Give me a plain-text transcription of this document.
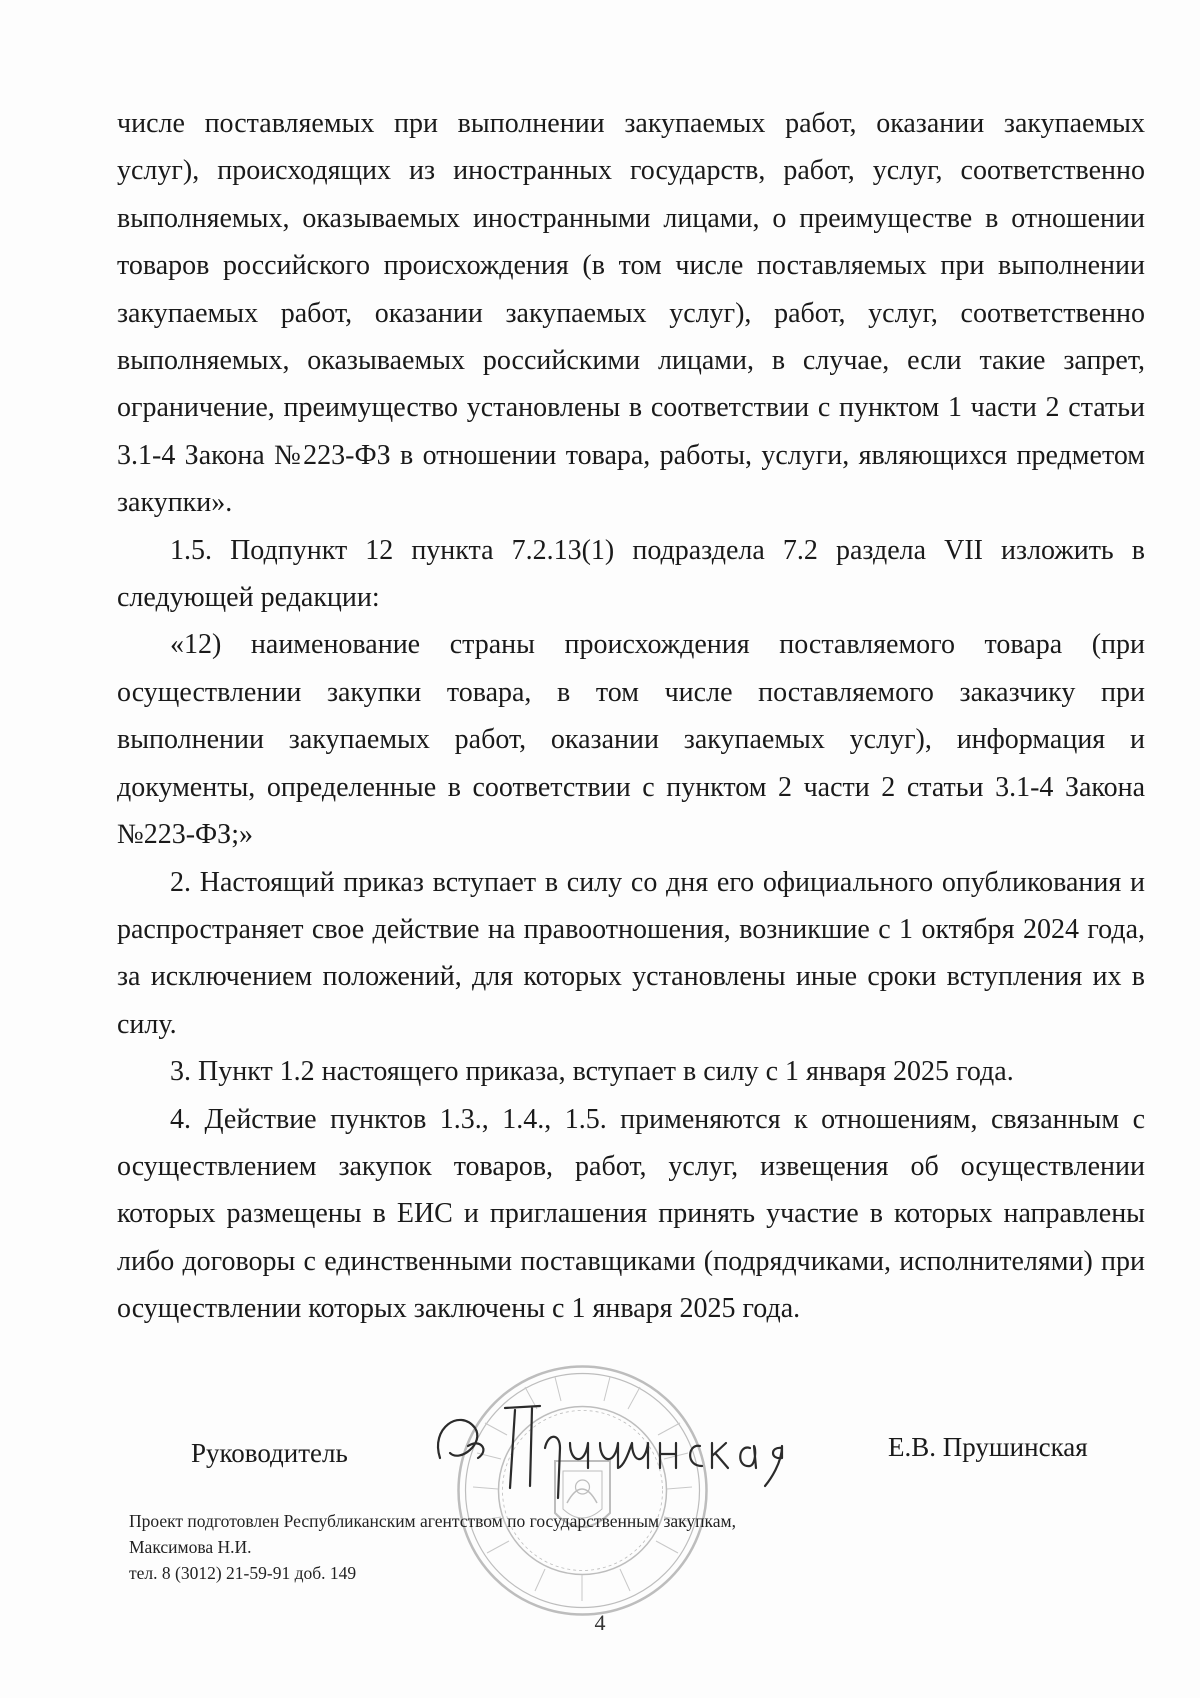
числе поставляемых при выполнении закупаемых работ, оказании закупаемых услуг), происходящих из иностранных государств, работ, услуг, соответственно выполняемых, оказываемых иностранными лицами, о преимуществе в отношении товаров российского происхождения (в том числе поставляемых при выполнении закупаемых работ, оказании закупаемых услуг), работ, услуг, соответственно выполняемых, оказываемых российскими лицами, в случае, если такие запрет, ограничение, преимущество установлены в соответствии с пунктом 1 части 2 статьи 3.1-4 Закона №223-ФЗ в отношении товара, работы, услуги, являющихся предметом закупки».

1.5. Подпункт 12 пункта 7.2.13(1) подраздела 7.2 раздела VII изложить в следующей редакции:

«12) наименование страны происхождения поставляемого товара (при осуществлении закупки товара, в том числе поставляемого заказчику при выполнении закупаемых работ, оказании закупаемых услуг), информация и документы, определенные в соответствии с пунктом 2 части 2 статьи 3.1-4 Закона №223-ФЗ;»

2. Настоящий приказ вступает в силу со дня его официального опубликования и распространяет свое действие на правоотношения, возникшие с 1 октября 2024 года, за исключением положений, для которых установлены иные сроки вступления их в силу.

3. Пункт 1.2 настоящего приказа, вступает в силу с 1 января 2025 года.

4. Действие пунктов 1.3., 1.4., 1.5. применяются к отношениям, связанным с осуществлением закупок товаров, работ, услуг, извещения об осуществлении которых размещены в ЕИС и приглашения принять участие в которых направлены либо договоры с единственными поставщиками (подрядчиками, исполнителями) при осуществлении которых заключены с 1 января 2025 года.

Руководитель	Е.В. Прушинская
Проект подготовлен Республиканским агентством по государственным закупкам,
Максимова Н.И.
тел. 8 (3012) 21-59-91 доб. 149
4
